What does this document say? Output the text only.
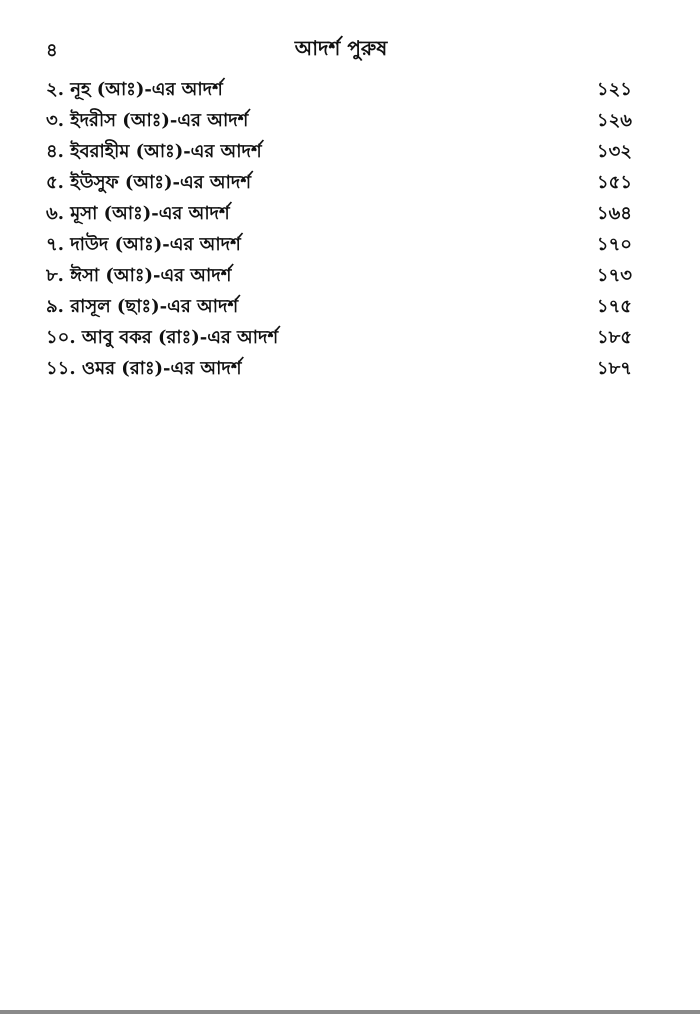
৪	আদর্শ পুরুষ
২. নূহ (আঃ)-এর আদর্শ	১২১
৩. ইদরীস (আঃ)-এর আদর্শ	১২৬
৪. ইবরাহীম (আঃ)-এর আদর্শ	১৩২
৫. ইউসুফ (আঃ)-এর আদর্শ	১৫১
৬. মূসা (আঃ)-এর আদর্শ	১৬৪
৭. দাউদ (আঃ)-এর আদর্শ	১৭০
৮. ঈসা (আঃ)-এর আদর্শ	১৭৩
৯. রাসূল (ছাঃ)-এর আদর্শ	১৭৫
১০. আবু বকর (রাঃ)-এর আদর্শ	১৮৫
১১. ওমর (রাঃ)-এর আদর্শ	১৮৭
